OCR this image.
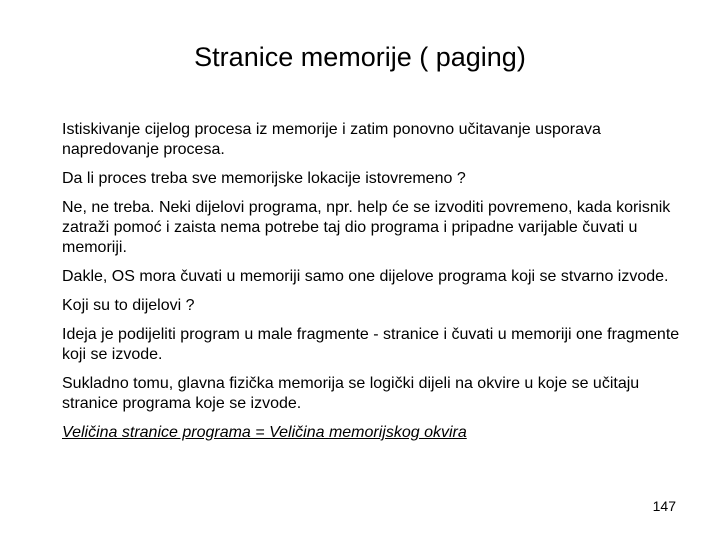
Stranice memorije ( paging)

Istiskivanje cijelog procesa iz memorije i zatim ponovno učitavanje usporava napredovanje procesa.

Da li proces treba sve memorijske lokacije istovremeno ?

Ne, ne treba. Neki dijelovi programa, npr. help će se izvoditi povremeno, kada korisnik zatraži pomoć i zaista nema potrebe taj dio programa i pripadne varijable čuvati u memoriji.

Dakle, OS mora čuvati u memoriji samo one dijelove programa koji se stvarno izvode.

Koji su to dijelovi ?

Ideja je podijeliti program u male fragmente - stranice i čuvati u memoriji one fragmente koji se izvode.

Sukladno tomu, glavna fizička memorija se logički dijeli na okvire u koje se učitaju stranice programa koje se izvode.

Veličina stranice programa = Veličina memorijskog okvira

147
